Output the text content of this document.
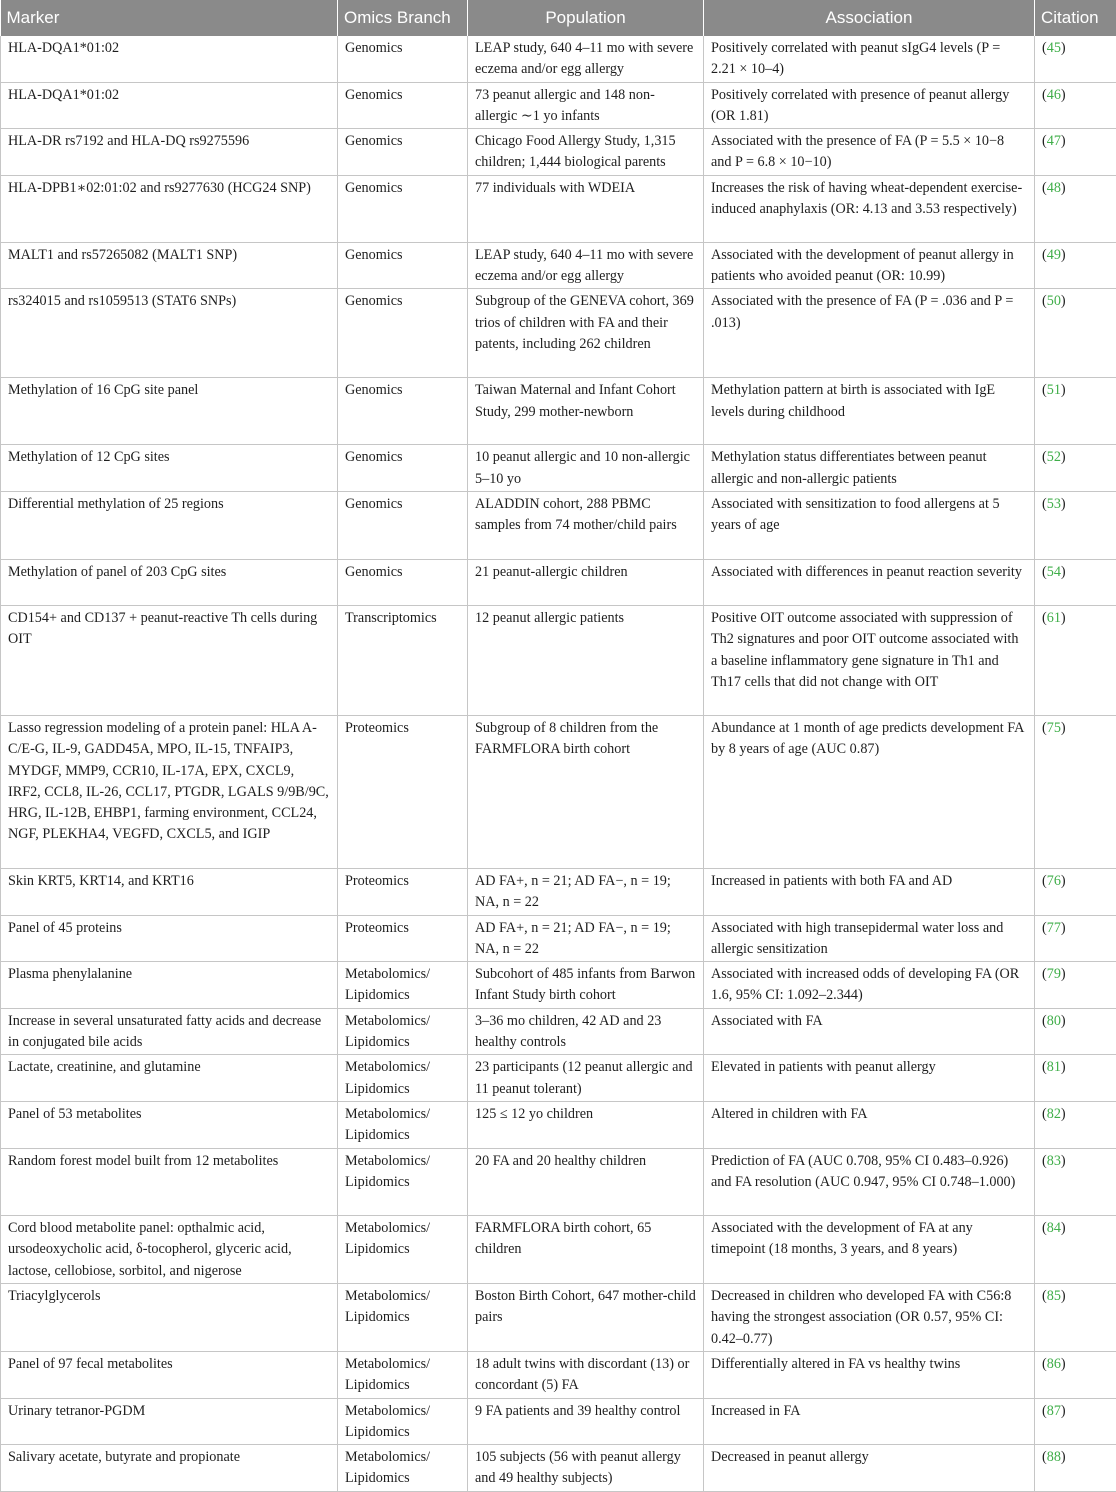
Marker	Omics Branch	Population	Association	Citation
HLA-DQA1*01:02	Genomics	LEAP study, 640 4–11 mo with severe eczema and/or egg allergy	Positively correlated with peanut sIgG4 levels (P = 2.21 × 10–4)	(45)
HLA-DQA1*01:02	Genomics	73 peanut allergic and 148 non-allergic ∼1 yo infants	Positively correlated with presence of peanut allergy (OR 1.81)	(46)
HLA-DR rs7192 and HLA-DQ rs9275596	Genomics	Chicago Food Allergy Study, 1,315 children; 1,444 biological parents	Associated with the presence of FA (P = 5.5 × 10−8 and P = 6.8 × 10−10)	(47)
HLA-DPB1∗02:01:02 and rs9277630 (HCG24 SNP)	Genomics	77 individuals with WDEIA	Increases the risk of having wheat-dependent exercise-induced anaphylaxis (OR: 4.13 and 3.53 respectively)	(48)
MALT1 and rs57265082 (MALT1 SNP)	Genomics	LEAP study, 640 4–11 mo with severe eczema and/or egg allergy	Associated with the development of peanut allergy in patients who avoided peanut (OR: 10.99)	(49)
rs324015 and rs1059513 (STAT6 SNPs)	Genomics	Subgroup of the GENEVA cohort, 369 trios of children with FA and their patents, including 262 children	Associated with the presence of FA (P = .036 and P = .013)	(50)
Methylation of 16 CpG site panel	Genomics	Taiwan Maternal and Infant Cohort Study, 299 mother-newborn	Methylation pattern at birth is associated with IgE levels during childhood	(51)
Methylation of 12 CpG sites	Genomics	10 peanut allergic and 10 non-allergic 5–10 yo	Methylation status differentiates between peanut allergic and non-allergic patients	(52)
Differential methylation of 25 regions	Genomics	ALADDIN cohort, 288 PBMC samples from 74 mother/child pairs	Associated with sensitization to food allergens at 5 years of age	(53)
Methylation of panel of 203 CpG sites	Genomics	21 peanut-allergic children	Associated with differences in peanut reaction severity	(54)
CD154+ and CD137 + peanut-reactive Th cells during OIT	Transcriptomics	12 peanut allergic patients	Positive OIT outcome associated with suppression of Th2 signatures and poor OIT outcome associated with a baseline inflammatory gene signature in Th1 and Th17 cells that did not change with OIT	(61)
Lasso regression modeling of a protein panel: HLA A-C/E-G, IL-9, GADD45A, MPO, IL-15, TNFAIP3, MYDGF, MMP9, CCR10, IL-17A, EPX, CXCL9, IRF2, CCL8, IL-26, CCL17, PTGDR, LGALS 9/9B/9C, HRG, IL-12B, EHBP1, farming environment, CCL24, NGF, PLEKHA4, VEGFD, CXCL5, and IGIP	Proteomics	Subgroup of 8 children from the FARMFLORA birth cohort	Abundance at 1 month of age predicts development FA by 8 years of age (AUC 0.87)	(75)
Skin KRT5, KRT14, and KRT16	Proteomics	AD FA+, n = 21; AD FA−, n = 19; NA, n = 22	Increased in patients with both FA and AD	(76)
Panel of 45 proteins	Proteomics	AD FA+, n = 21; AD FA−, n = 19; NA, n = 22	Associated with high transepidermal water loss and allergic sensitization	(77)
Plasma phenylalanine	Metabolomics/ Lipidomics	Subcohort of 485 infants from Barwon Infant Study birth cohort	Associated with increased odds of developing FA (OR 1.6, 95% CI: 1.092–2.344)	(79)
Increase in several unsaturated fatty acids and decrease in conjugated bile acids	Metabolomics/ Lipidomics	3–36 mo children, 42 AD and 23 healthy controls	Associated with FA	(80)
Lactate, creatinine, and glutamine	Metabolomics/ Lipidomics	23 participants (12 peanut allergic and 11 peanut tolerant)	Elevated in patients with peanut allergy	(81)
Panel of 53 metabolites	Metabolomics/ Lipidomics	125 ≤ 12 yo children	Altered in children with FA	(82)
Random forest model built from 12 metabolites	Metabolomics/ Lipidomics	20 FA and 20 healthy children	Prediction of FA (AUC 0.708, 95% CI 0.483–0.926) and FA resolution (AUC 0.947, 95% CI 0.748–1.000)	(83)
Cord blood metabolite panel: opthalmic acid, ursodeoxycholic acid, δ-tocopherol, glyceric acid, lactose, cellobiose, sorbitol, and nigerose	Metabolomics/ Lipidomics	FARMFLORA birth cohort, 65 children	Associated with the development of FA at any timepoint (18 months, 3 years, and 8 years)	(84)
Triacylglycerols	Metabolomics/ Lipidomics	Boston Birth Cohort, 647 mother-child pairs	Decreased in children who developed FA with C56:8 having the strongest association (OR 0.57, 95% CI: 0.42–0.77)	(85)
Panel of 97 fecal metabolites	Metabolomics/ Lipidomics	18 adult twins with discordant (13) or concordant (5) FA	Differentially altered in FA vs healthy twins	(86)
Urinary tetranor-PGDM	Metabolomics/ Lipidomics	9 FA patients and 39 healthy control	Increased in FA	(87)
Salivary acetate, butyrate and propionate	Metabolomics/ Lipidomics	105 subjects (56 with peanut allergy and 49 healthy subjects)	Decreased in peanut allergy	(88)
